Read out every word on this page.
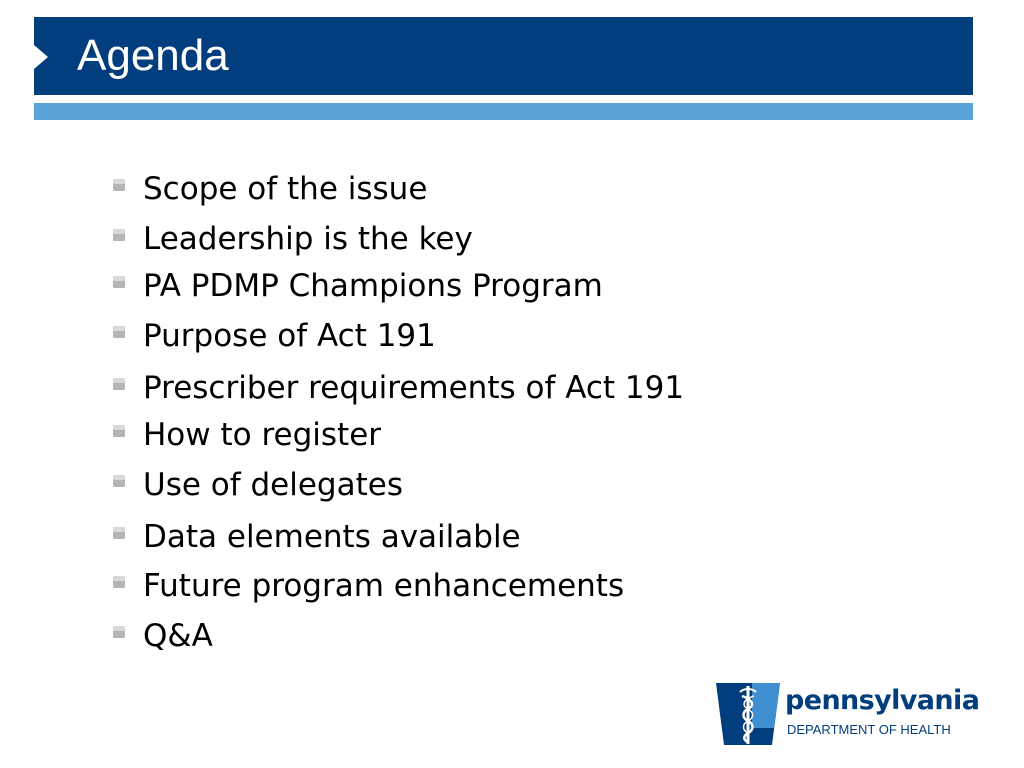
Agenda
Scope of the issue
Leadership is the key
PA PDMP Champions Program
Purpose of Act 191
Prescriber requirements of Act 191
How to register
Use of delegates
Data elements available
Future program enhancements
Q&A
pennsylvania
DEPARTMENT OF HEALTH
